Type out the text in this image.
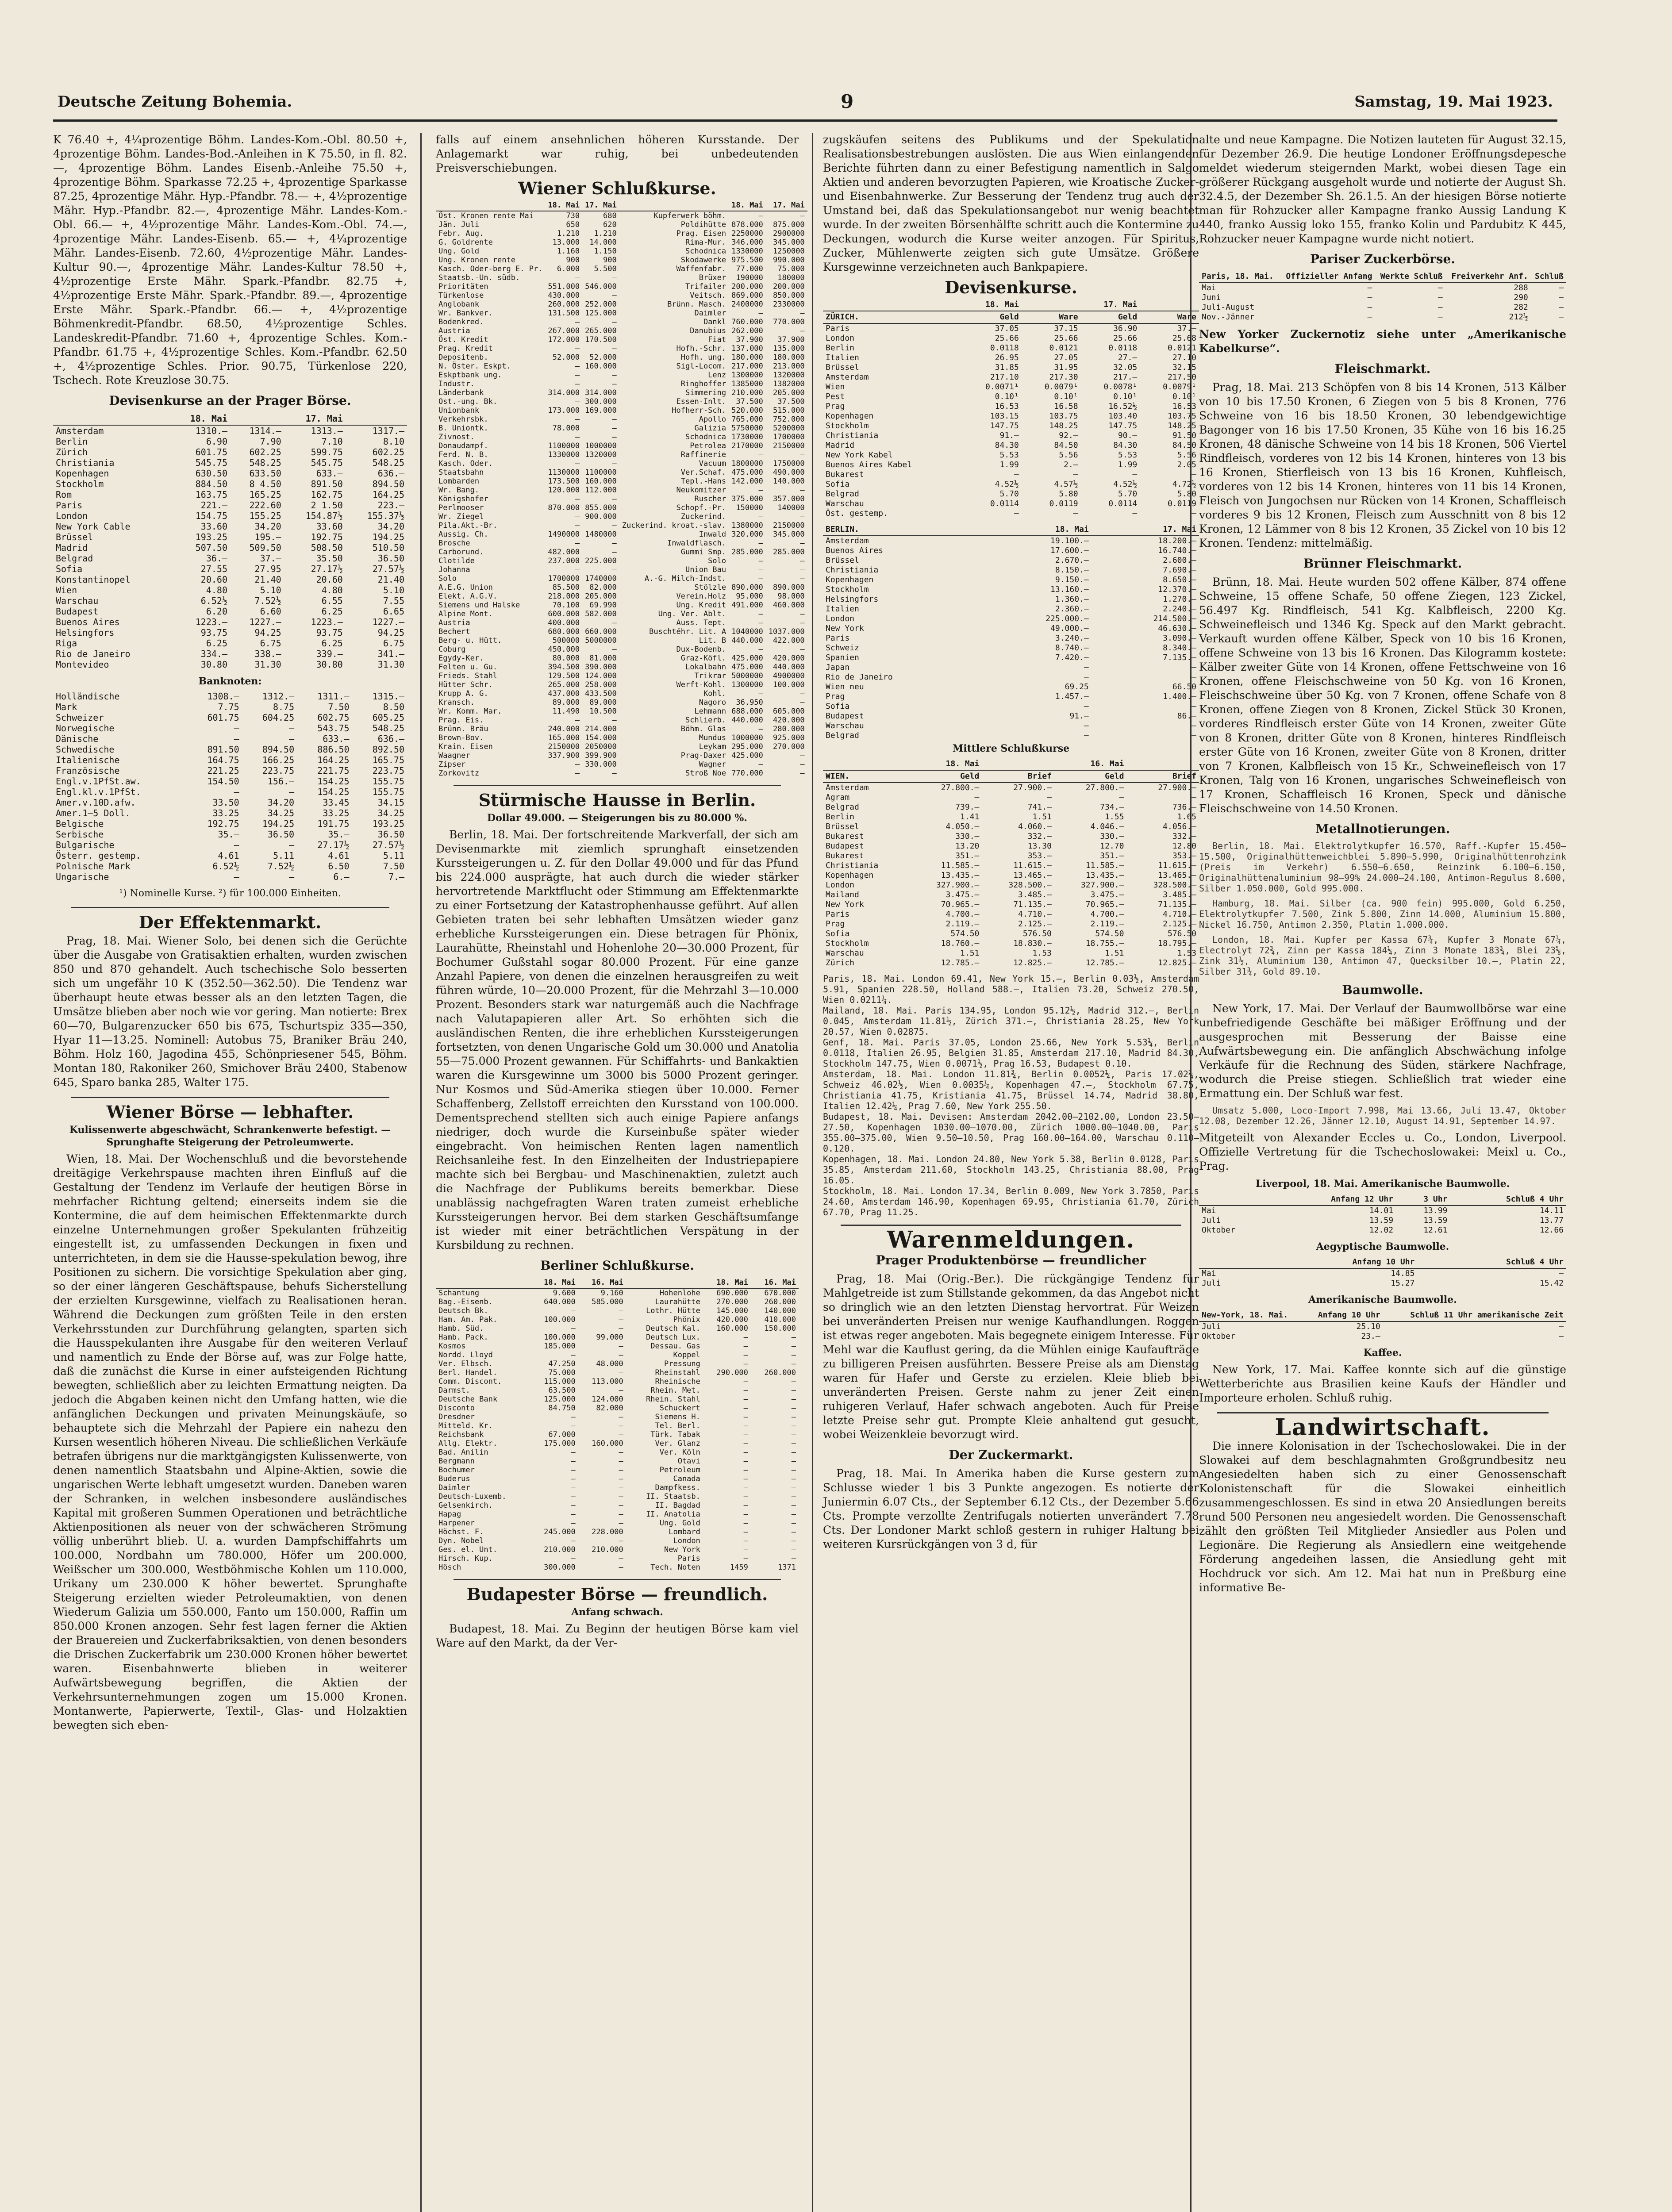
Deutsche Zeitung Bohemia.	9	Samstag, 19. Mai 1923.

K 76.40 +, 4¼prozentige Böhm. Landes-Kom.-Obl. 80.50 +, 4prozentige Böhm. Landes-Bod.-Anleihen in K 75.50, in fl. 82.—, 4prozentige Böhm. Landes Eisenb.-Anleihe 75.50 +, 4prozentige Böhm. Sparkasse 72.25 +, 4prozentige Sparkasse 87.25, 4prozentige Mähr. Hyp.-Pfandbr. 78.— +, 4½prozentige Mähr. Hyp.-Pfandbr. 82.—, 4prozentige Mähr. Landes-Kom.-Obl. 66.— +, 4½prozentige Mähr. Landes-Kom.-Obl. 74.—, 4prozentige Mähr. Landes-Eisenb. 65.— +, 4¼prozentige Mähr. Landes-Eisenb. 72.60, 4½prozentige Mähr. Landes-Kultur 90.—, 4prozentige Mähr. Landes-Kultur 78.50 +, 4½prozentige Erste Mähr. Spark.-Pfandbr. 82.75 +, 4½prozentige Erste Mähr. Spark.-Pfandbr. 89.—, 4prozentige Erste Mähr. Spark.-Pfandbr. 66.— +, 4½prozentige Böhmenkredit-Pfandbr. 68.50, 4½prozentige Schles. Landeskredit-Pfandbr. 71.60 +, 4prozentige Schles. Kom.-Pfandbr. 61.75 +, 4½prozentige Schles. Kom.-Pfandbr. 62.50 +, 4½prozentige Schles. Prior. 90.75, Türkenlose 220, Tschech. Rote Kreuzlose 30.75.

Devisenkurse an der Prager Börse.
	18. Mai		17. Mai	
Amsterdam	1310.—	1314.—	1313.—	1317.—
Berlin	6.90	7.90	7.10	8.10
Zürich	601.75	602.25	599.75	602.25
Christiania	545.75	548.25	545.75	548.25
Kopenhagen	630.50	633.50	633.—	636.—
Stockholm	884.50	8 4.50	891.50	894.50
Rom	163.75	165.25	162.75	164.25
Paris	221.—	222.60	2 1.50	223.—
London	154.75	155.25	154.87½	155.37½
New York Cable	33.60	34.20	33.60	34.20
Brüssel	193.25	195.—	192.75	194.25
Madrid	507.50	509.50	508.50	510.50
Belgrad	36.—	37.—	35.50	36.50
Sofia	27.55	27.95	27.17½	27.57½
Konstantinopel	20.60	21.40	20.60	21.40
Wien	4.80	5.10	4.80	5.10
Warschau	6.52½	7.52½	6.55	7.55
Budapest	6.20	6.60	6.25	6.65
Buenos Aires	1223.—	1227.—	1223.—	1227.—
Helsingfors	93.75	94.25	93.75	94.25
Riga	6.25	6.75	6.25	6.75
Rio de Janeiro	334.—	338.—	339.—	341.—
Montevideo	30.80	31.30	30.80	31.30
Banknoten:
Holländische	1308.—	1312.—	1311.—	1315.—
Mark	7.75	8.75	7.50	8.50
Schweizer	601.75	604.25	602.75	605.25
Norwegische	—	—	543.75	548.25
Dänische	—	—	633.—	636.—
Schwedische	891.50	894.50	886.50	892.50
Italienische	164.75	166.25	164.25	165.75
Französische	221.25	223.75	221.75	223.75
Engl.v.1PfSt.aw.	154.50	156.—	154.25	155.75
Engl.kl.v.1PfSt.	—	—	154.25	155.75
Amer.v.10D.afw.	33.50	34.20	33.45	34.15
Amer.1—5 Doll.	33.25	34.25	33.25	34.25
Belgische	192.75	194.25	191.75	193.25
Serbische	35.—	36.50	35.—	36.50
Bulgarische	—	—	27.17½	27.57½
Österr. gestemp.	4.61	5.11	4.61	5.11
Polnische Mark	6.52½	7.52½	6.50	7.50
Ungarische	—	—	6.—	7.—
¹) Nominelle Kurse. ²) für 100.000 Einheiten.
Der Effektenmarkt.

Prag, 18. Mai. Wiener Solo, bei denen sich die Gerüchte über die Ausgabe von Gratisaktien erhalten, wurden zwischen 850 und 870 gehandelt. Auch tschechische Solo besserten sich um ungefähr 10 K (352.50—362.50). Die Tendenz war überhaupt heute etwas besser als an den letzten Tagen, die Umsätze blieben aber noch wie vor gering. Man notierte: Brex 60—70, Bulgarenzucker 650 bis 675, Tschurtspiz 335—350, Hyar 11—13.25. Nominell: Autobus 75, Braniker Bräu 240, Böhm. Holz 160, Jagodina 455, Schönpriesener 545, Böhm. Montan 180, Rakoniker 260, Smichover Bräu 2400, Stabenow 645, Sparo banka 285, Walter 175.

Wiener Börse — lebhafter.
Kulissenwerte abgeschwächt, Schrankenwerte befestigt. — Sprunghafte Steigerung der Petroleumwerte.

Wien, 18. Mai. Der Wochenschluß und die bevorstehende dreitägige Verkehrspause machten ihren Einfluß auf die Gestaltung der Tendenz im Verlaufe der heutigen Börse in mehrfacher Richtung geltend; einerseits indem sie die Kontermine, die auf dem heimischen Effektenmarkte durch einzelne Unternehmungen großer Spekulanten frühzeitig eingestellt ist, zu umfassenden Deckungen in fixen und unterrichteten, in dem sie die Hausse-spekulation bewog, ihre Positionen zu sichern. Die vorsichtige Spekulation aber ging, so der einer längeren Geschäftspause, behufs Sicherstellung der erzielten Kursgewinne, vielfach zu Realisationen heran. Während die Deckungen zum größten Teile in den ersten Verkehrsstunden zur Durchführung gelangten, sparten sich die Hausspekulanten ihre Ausgabe für den weiteren Verlauf und namentlich zu Ende der Börse auf, was zur Folge hatte, daß die zunächst die Kurse in einer aufsteigenden Richtung bewegten, schließlich aber zu leichten Ermattung neigten. Da jedoch die Abgaben keinen nicht den Umfang hatten, wie die anfänglichen Deckungen und privaten Meinungskäufe, so behauptete sich die Mehrzahl der Papiere ein nahezu den Kursen wesentlich höheren Niveau. Die schließlichen Verkäufe betrafen übrigens nur die marktgängigsten Kulissenwerte, von denen namentlich Staatsbahn und Alpine-Aktien, sowie die ungarischen Werte lebhaft umgesetzt wurden. Daneben waren der Schranken, in welchen insbesondere ausländisches Kapital mit großeren Summen Operationen und beträchtliche Aktienpositionen als neuer von der schwächeren Strömung völlig unberührt blieb. U. a. wurden Dampfschiffahrts um 100.000, Nordbahn um 780.000, Höfer um 200.000, Weißscher um 300.000, Westböhmische Kohlen um 110.000, Urikany um 230.000 K höher bewertet. Sprunghafte Steigerung erzielten wieder Petroleumaktien, von denen Wiederum Galizia um 550.000, Fanto um 150.000, Raffin um 850.000 Kronen anzogen. Sehr fest lagen ferner die Aktien der Brauereien und Zuckerfabriksaktien, von denen besonders die Drischen Zuckerfabrik um 230.000 Kronen höher bewertet waren. Eisenbahnwerte blieben in weiterer Aufwärtsbewegung begriffen, die Aktien der Verkehrsunternehmungen zogen um 15.000 Kronen. Montanwerte, Papierwerte, Textil-, Glas- und Holzaktien bewegten sich eben-

falls auf einem ansehnlichen höheren Kursstande. Der Anlagemarkt war ruhig, bei unbedeutenden Preisverschiebungen.

Wiener Schlußkurse.
	18. Mai	17. Mai		18. Mai	17. Mai
Öst. Kronen rente Mai	730	680	Kupferwerk böhm.	—	—
Jän. Juli	650	620	Poldihütte	878.000	875.000
Febr. Aug.	1.210	1.210	Prag. Eisen	2250000	2900000
G. Goldrente	13.000	14.000	Rima-Mur.	346.000	345.000
Ung. Gold	1.160	1.150	Schodnica	1330000	1250000
Ung. Kronen rente	900	900	Skodawerke	975.500	990.000
Kasch. Oder-berg E. Pr.	6.000	5.500	Waffenfabr.	77.000	75.000
Staatsb.-Un. südb.	—	—	Brüxer	190000	180000
Prioritäten	551.000	546.000	Trifailer	200.000	200.000
Türkenlose	430.000	—	Veitsch.	869.000	850.000
Anglobank	260.000	252.000	Brünn. Masch.	2400000	2330000
Wr. Bankver.	131.500	125.000	Daimler	—	—
Bodenkred.	—	—	Dankl	760.000	770.000
Austria	267.000	265.000	Danubius	262.000	—
Öst. Kredit	172.000	170.500	Fiat	37.900	37.900
Prag. Kredit	—	—	Hofh.-Schr.	137.000	135.000
Depositenb.	52.000	52.000	Hofh. ung.	180.000	180.000
N. Öster. Eskpt.	—	160.000	Sigl-Locom.	217.000	213.000
Eskptbank ung.	—	—	Lenz	1300000	1320000
Industr.	—	—	Ringhoffer	1385000	1382000
Länderbank	314.000	314.000	Simmering	210.000	205.000
Ost.-ung. Bk.	—	300.000	Essen-Inlt.	37.500	37.500
Unionbank	173.000	169.000	Hofherr-Sch.	520.000	515.000
Verkehrsbk.	—	—	Apollo	765.000	752.000
B. Uniontk.	78.000	—	Galizia	5750000	5200000
Zivnost.	—	—	Schodnica	1730000	1700000
Donaudampf.	1100000	1000000	Petrolea	2170000	2150000
Ferd. N. B.	1330000	1320000	Raffinerie	—	—
Kasch. Oder.	—	—	Vacuum	1800000	1750000
Staatsbahn	1130000	1100000	Ver.Schaf.	475.000	490.000
Lombarden	173.500	160.000	Tepl.-Hans	142.000	140.000
Wr. Bang.	120.000	112.000	Neukomitzer	—	—
Königshofer	—	—	Ruscher	375.000	357.000
Perlmooser	870.000	855.000	Schopf.-Pr.	150000	140000
Wr. Ziegel	—	900.000	Zuckerind.	—	—
Pila.Akt.-Br.	—	—	Zuckerind. kroat.-slav.	1380000	2150000
Aussig. Ch.	1490000	1480000	Inwald	320.000	345.000
Brosche	—	—	Inwaldflasch.	—	—
Carborund.	482.000	—	Gummi Smp.	285.000	285.000
Clotilde	237.000	225.000	Solo	—	—
Johanna	—	—	Union Bau	—	—
Solo	1700000	1740000	A.-G. Milch-Indst.	—	—
A.E.G. Union	85.500	82.000	Stölzle	890.000	890.000
Elekt. A.G.V.	218.000	205.000	Verein.Holz	95.000	98.000
Siemens und Halske	70.100	69.990	Ung. Kredit	491.000	460.000
Alpine Mont.	600.000	582.000	Ung. Ver. Ablt.	—	—
Austria	400.000	—	Auss. Tept.	—	—
Bechert	680.000	660.000	Buschtěhr. Lit. A	1040000	1037.000
Berg- u. Hütt.	500000	5000000	Lit. B	440.000	422.000
Coburg	450.000	—	Dux-Bodenb.	—	—
Egydy-Ker.	80.000	81.000	Graz-Köfl.	425.000	420.000
Felten u. Gu.	394.500	390.000	Lokalbahn	475.000	440.000
Frieds. Stahl	129.500	124.000	Trikrar	5000000	4900000
Hütter Schr.	265.000	258.000	Werft-Kohl.	1300000	100.000
Krupp A. G.	437.000	433.500	Kohl.	—	—
Kransch.	89.000	89.000	Nagoro	36.950	—
Wr. Komm. Mar.	11.490	10.500	Lehmann	688.000	605.000
Prag. Eis.	—	—	Schlierb.	440.000	420.000
Brünn. Bräu	240.000	214.000	Böhm. Glas	—	280.000
Brown-Bov.	165.000	154.000	Mundus	1000000	925.000
Krain. Eisen	2150000	2050000	Leykam	295.000	270.000
Waagner	337.900	399.900	Prag-Daxer	425.000	—
Zipser	—	330.000	Wagner	—	—
Zorkovitz	—	—	Stroß Noe	770.000	—
Stürmische Hausse in Berlin.
Dollar 49.000. — Steigerungen bis zu 80.000 %.

Berlin, 18. Mai. Der fortschreitende Markverfall, der sich am Devisenmarkte mit ziemlich sprunghaft einsetzenden Kurssteigerungen u. Z. für den Dollar 49.000 und für das Pfund bis 224.000 ausprägte, hat auch durch die wieder stärker hervortretende Marktflucht oder Stimmung am Effektenmarkte zu einer Fortsetzung der Katastrophenhausse geführt. Auf allen Gebieten traten bei sehr lebhaften Umsätzen wieder ganz erhebliche Kurssteigerungen ein. Diese betragen für Phönix, Laurahütte, Rheinstahl und Hohenlohe 20—30.000 Prozent, für Bochumer Gußstahl sogar 80.000 Prozent. Für eine ganze Anzahl Papiere, von denen die einzelnen herausgreifen zu weit führen würde, 10—20.000 Prozent, für die Mehrzahl 3—10.000 Prozent. Besonders stark war naturgemäß auch die Nachfrage nach Valutapapieren aller Art. So erhöhten sich die ausländischen Renten, die ihre erheblichen Kurssteigerungen fortsetzten, von denen Ungarische Gold um 30.000 und Anatolia 55—75.000 Prozent gewannen. Für Schiffahrts- und Bankaktien waren die Kursgewinne um 3000 bis 5000 Prozent geringer. Nur Kosmos und Süd-Amerika stiegen über 10.000. Ferner Schaffenberg, Zellstoff erreichten den Kursstand von 100.000. Dementsprechend stellten sich auch einige Papiere anfangs niedriger, doch wurde die Kurseinbuße später wieder eingebracht. Von heimischen Renten lagen namentlich Reichsanleihe fest. In den Einzelheiten der Industriepapiere machte sich bei Bergbau- und Maschinenaktien, zuletzt auch die Nachfrage der Publikums bereits bemerkbar. Diese unablässig nachgefragten Waren traten zumeist erhebliche Kurssteigerungen hervor. Bei dem starken Geschäftsumfange ist wieder mit einer beträchtlichen Verspätung in der Kursbildung zu rechnen.

Berliner Schlußkurse.
	18. Mai	16. Mai		18. Mai	16. Mai
Schantung	9.600	9.160	Hohenlohe	690.000	670.000
Bag.-Eisenb.	640.000	585.000	Laurahütte	270.000	260.000
Deutsch Bk.	—	—	Lothr. Hütte	145.000	140.000
Ham. Am. Pak.	100.000	—	Phönix	420.000	410.000
Hamb. Süd.	—	—	Deutsch Kal.	160.000	150.000
Hamb. Pack.	100.000	99.000	Deutsch Lux.	—	—
Kosmos	185.000	—	Dessau. Gas	—	—
Nordd. Lloyd	—	—	Koppel	—	—
Ver. Elbsch.	47.250	48.000	Pressung	—	—
Berl. Handel.	75.000	—	Rheinstahl	290.000	260.000
Comm. Discont.	115.000	113.000	Rheinische	—	—
Darmst.	63.500	—	Rhein. Met.	—	—
Deutsche Bank	125.000	124.000	Rhein. Stahl	—	—
Disconto	84.750	82.000	Schuckert	—	—
Dresdner	—	—	Siemens H.	—	—
Mitteld. Kr.	—	—	Tel. Berl.	—	—
Reichsbank	67.000	—	Türk. Tabak	—	—
Allg. Elektr.	175.000	160.000	Ver. Glanz	—	—
Bad. Anilin	—	—	Ver. Köln	—	—
Bergmann	—	—	Otavi	—	—
Bochumer	—	—	Petroleum	—	—
Buderus	—	—	Canada	—	—
Daimler	—	—	Dampfkess.	—	—
Deutsch-Luxemb.	—	—	II. Staatsb.	—	—
Gelsenkirch.	—	—	II. Bagdad	—	—
Hapag	—	—	II. Anatolia	—	—
Harpener	—	—	Ung. Gold	—	—
Höchst. F.	245.000	228.000	Lombard	—	—
Dyn. Nobel	—	—	London	—	—
Ges. el. Unt.	210.000	210.000	New York	—	—
Hirsch. Kup.	—	—	Paris	—	—
Hösch	300.000	—	Tech. Noten	1459	1371
Budapester Börse — freundlich.
Anfang schwach.

Budapest, 18. Mai. Zu Beginn der heutigen Börse kam viel Ware auf den Markt, da der Ver-

zugskäufen seitens des Publikums und der Spekulation Realisationsbestrebungen auslösten. Die aus Wien einlangenden Berichte führten dann zu einer Befestigung namentlich in Salgo Aktien und anderen bevorzugten Papieren, wie Kroatische Zucker- und Eisenbahnwerke. Zur Besserung der Tendenz trug auch der Umstand bei, daß das Spekulationsangebot nur wenig beachtet wurde. In der zweiten Börsenhälfte schritt auch die Kontermine zu Deckungen, wodurch die Kurse weiter anzogen. Für Spiritus, Zucker, Mühlenwerte zeigten sich gute Umsätze. Größere Kursgewinne verzeichneten auch Bankpapiere.

Devisenkurse.
	18. Mai		17. Mai	
ZÜRICH.	Geld	Ware	Geld	Ware
Paris	37.05	37.15	36.90	37.—
London	25.66	25.66	25.66	25.68
Berlin	0.0118	0.0121	0.0118	0.0121
Italien	26.95	27.05	27.—	27.10
Brüssel	31.85	31.95	32.05	32.15
Amsterdam	217.10	217.30	217.—	217.50
Wien	0.0071¹	0.0079¹	0.0078¹	0.0079¹
Pest	0.10¹	0.10¹	0.10¹	0.10¹
Prag	16.53	16.58	16.52½	16.53
Kopenhagen	103.15	103.75	103.40	103.75
Stockholm	147.75	148.25	147.75	148.25
Christiania	91.—	92.—	90.—	91.50
Madrid	84.30	84.50	84.30	84.50
New York Kabel	5.53	5.56	5.53	5.56
Buenos Aires Kabel	1.99	2.—	1.99	2.05
Bukarest	—	—	—	—
Sofia	4.52½	4.57½	4.52½	4.72½
Belgrad	5.70	5.80	5.70	5.80
Warschau	0.0114	0.0119	0.0114	0.0119
Öst. gestemp.	—	—	—	—
BERLIN.	18. Mai	17. Mai
Amsterdam	19.100.—	18.200.—
Buenos Aires	17.600.—	16.740.—
Brüssel	2.670.—	2.600.—
Christiania	8.150.—	7.690.—
Kopenhagen	9.150.—	8.650.—
Stockholm	13.160.—	12.370.—
Helsingfors	1.360.—	1.270.—
Italien	2.360.—	2.240.—
London	225.000.—	214.500.—
New York	49.000.—	46.630.—
Paris	3.240.—	3.090.—
Schweiz	8.740.—	8.340.—
Spanien	7.420.—	7.135.—
Japan	—	—
Rio de Janeiro	—	—
Wien neu	69.25	66.50
Prag	1.457.—	1.400.—
Sofia	—	—
Budapest	91.—	86.—
Warschau	—	—
Belgrad	—	—
Mittlere Schlußkurse
	18. Mai		16. Mai	
WIEN.	Geld	Brief	Geld	Brief
Amsterdam	27.800.—	27.900.—	27.800.—	27.900.—
Agram	—	—	—	—
Belgrad	739.—	741.—	734.—	736.—
Berlin	1.41	1.51	1.55	1.65
Brüssel	4.050.—	4.060.—	4.046.—	4.056.—
Bukarest	330.—	332.—	330.—	332.—
Budapest	13.20	13.30	12.70	12.80
Bukarest	351.—	353.—	351.—	353.—
Christiania	11.585.—	11.615.—	11.585.—	11.615.—
Kopenhagen	13.435.—	13.465.—	13.435.—	13.465.—
London	327.900.—	328.500.—	327.900.—	328.500.—
Mailand	3.475.—	3.485.—	3.475.—	3.485.—
New York	70.965.—	71.135.—	70.965.—	71.135.—
Paris	4.700.—	4.710.—	4.700.—	4.710.—
Prag	2.119.—	2.125.—	2.119.—	2.125.—
Sofia	574.50	576.50	574.50	576.50
Stockholm	18.760.—	18.830.—	18.755.—	18.795.—
Warschau	1.51	1.53	1.51	1.53
Zürich	12.785.—	12.825.—	12.785.—	12.825.—
Paris, 18. Mai. London 69.41, New York 15.—, Berlin 0.03½, Amsterdam 5.91, Spanien 228.50, Holland 588.—, Italien 73.20, Schweiz 270.50, Wien 0.0211¼.
Mailand, 18. Mai. Paris 134.95, London 95.12½, Madrid 312.—, Berlin 0.045, Amsterdam 11.81½, Zürich 371.—, Christiania 28.25, New York 20.57, Wien 0.02875.
Genf, 18. Mai. Paris 37.05, London 25.66, New York 5.53¼, Berlin 0.0118, Italien 26.95, Belgien 31.85, Amsterdam 217.10, Madrid 84.30, Stockholm 147.75, Wien 0.0071½, Prag 16.53, Budapest 0.10.
Amsterdam, 18. Mai. London 11.81¾, Berlin 0.0052¼, Paris 17.02¼, Schweiz 46.02½, Wien 0.0035¼, Kopenhagen 47.—, Stockholm 67.75, Christiania 41.75, Kristiania 41.75, Brüssel 14.74, Madrid 38.80, Italien 12.42¼, Prag 7.60, New York 255.50.
Budapest, 18. Mai. Devisen: Amsterdam 2042.00—2102.00, London 23.50—27.50, Kopenhagen 1030.00—1070.00, Zürich 1000.00—1040.00, Paris 355.00—375.00, Wien 9.50—10.50, Prag 160.00—164.00, Warschau 0.110—0.120.
Kopenhagen, 18. Mai. London 24.80, New York 5.38, Berlin 0.0128, Paris 35.85, Amsterdam 211.60, Stockholm 143.25, Christiania 88.00, Prag 16.05.
Stockholm, 18. Mai. London 17.34, Berlin 0.009, New York 3.7850, Paris 24.60, Amsterdam 146.90, Kopenhagen 69.95, Christiania 61.70, Zürich 67.70, Prag 11.25.
Warenmeldungen.
Prager Produktenbörse — freundlicher

Prag, 18. Mai (Orig.-Ber.). Die rückgängige Tendenz für Mahlgetreide ist zum Stillstande gekommen, da das Angebot nicht so dringlich wie an den letzten Dienstag hervortrat. Für Weizen bei unveränderten Preisen nur wenige Kaufhandlungen. Roggen ist etwas reger angeboten. Mais begegnete einigem Interesse. Für Mehl war die Kauflust gering, da die Mühlen einige Kaufaufträge zu billigeren Preisen ausführten. Bessere Preise als am Dienstag waren für Hafer und Gerste zu erzielen. Kleie blieb bei unveränderten Preisen. Gerste nahm zu jener Zeit einen ruhigeren Verlauf, Hafer schwach angeboten. Auch für Preise letzte Preise sehr gut. Prompte Kleie anhaltend gut gesucht, wobei Weizenkleie bevorzugt wird.

Der Zuckermarkt.

Prag, 18. Mai. In Amerika haben die Kurse gestern zum Schlusse wieder 1 bis 3 Punkte angezogen. Es notierte der Juniermin 6.07 Cts., der September 6.12 Cts., der Dezember 5.66 Cts. Prompte verzollte Zentrifugals notierten unverändert 7.78 Cts. Der Londoner Markt schloß gestern in ruhiger Haltung bei weiteren Kursrückgängen von 3 d, für

alte und neue Kampagne. Die Notizen lauteten für August 32.15, für Dezember 26.9. Die heutige Londoner Eröffnungsdepesche meldet wiederum steigernden Markt, wobei diesen Tage ein größerer Rückgang ausgeholt wurde und notierte der August Sh. 32.4.5, der Dezember Sh. 26.1.5. An der hiesigen Börse notierte man für Rohzucker aller Kampagne franko Aussig Landung K 440, franko Aussig loko 155, franko Kolin und Pardubitz K 445, Rohzucker neuer Kampagne wurde nicht notiert.

Pariser Zuckerbörse.
Paris, 18. Mai.	Offizieller Anfang	Werkte Schluß	Freiverkehr Anf.	Schluß
Mai	—	—	288	—
Juni	—	—	290	—
Juli-August	—	—	282	—
Nov.-Jänner	—	—	212½	—

New Yorker Zuckernotiz siehe unter „Amerikanische Kabelkurse“.

Fleischmarkt.

Prag, 18. Mai. 213 Schöpfen von 8 bis 14 Kronen, 513 Kälber von 10 bis 17.50 Kronen, 6 Ziegen von 5 bis 8 Kronen, 776 Schweine von 16 bis 18.50 Kronen, 30 lebendgewichtige Bagonger von 16 bis 17.50 Kronen, 35 Kühe von 16 bis 16.25 Kronen, 48 dänische Schweine von 14 bis 18 Kronen, 506 Viertel Rindfleisch, vorderes von 12 bis 14 Kronen, hinteres von 13 bis 16 Kronen, Stierfleisch von 13 bis 16 Kronen, Kuhfleisch, vorderes von 12 bis 14 Kronen, hinteres von 11 bis 14 Kronen, Fleisch von Jungochsen nur Rücken von 14 Kronen, Schaffleisch vorderes 9 bis 12 Kronen, Fleisch zum Ausschnitt von 8 bis 12 Kronen, 12 Lämmer von 8 bis 12 Kronen, 35 Zickel von 10 bis 12 Kronen. Tendenz: mittelmäßig.

Brünner Fleischmarkt.

Brünn, 18. Mai. Heute wurden 502 offene Kälber, 874 offene Schweine, 15 offene Schafe, 50 offene Ziegen, 123 Zickel, 56.497 Kg. Rindfleisch, 541 Kg. Kalbfleisch, 2200 Kg. Schweinefleisch und 1346 Kg. Speck auf den Markt gebracht. Verkauft wurden offene Kälber, Speck von 10 bis 16 Kronen, offene Schweine von 13 bis 16 Kronen. Das Kilogramm kostete: Kälber zweiter Güte von 14 Kronen, offene Fettschweine von 16 Kronen, offene Fleischschweine von 50 Kg. von 16 Kronen, Fleischschweine über 50 Kg. von 7 Kronen, offene Schafe von 8 Kronen, offene Ziegen von 8 Kronen, Zickel Stück 30 Kronen, vorderes Rindfleisch erster Güte von 14 Kronen, zweiter Güte von 8 Kronen, dritter Güte von 8 Kronen, hinteres Rindfleisch erster Güte von 16 Kronen, zweiter Güte von 8 Kronen, dritter von 7 Kronen, Kalbfleisch von 15 Kr., Schweinefleisch von 17 Kronen, Talg von 16 Kronen, ungarisches Schweinefleisch von 17 Kronen, Schaffleisch 16 Kronen, Speck und dänische Fleischschweine von 14.50 Kronen.

Metallnotierungen.

Berlin, 18. Mai. Elektrolytkupfer 16.570, Raff.-Kupfer 15.450—15.500, Originalhüttenweichblei 5.890—5.990, Originalhüttenrohzink (Preis im Verkehr) 6.550—6.650, Reinzink 6.100—6.150, Originalhüttenaluminium 98—99% 24.000—24.100, Antimon-Regulus 8.600, Silber 1.050.000, Gold 995.000.

Hamburg, 18. Mai. Silber (ca. 900 fein) 995.000, Gold 6.250, Elektrolytkupfer 7.500, Zink 5.800, Zinn 14.000, Aluminium 15.800, Nickel 16.750, Antimon 2.350, Platin 1.000.000.

London, 18. Mai. Kupfer per Kassa 67¾, Kupfer 3 Monate 67¼, Electrolyt 72¾, Zinn per Kassa 184¼, Zinn 3 Monate 183¾, Blei 23⅝, Zink 31½, Aluminium 130, Antimon 47, Quecksilber 10.—, Platin 22, Silber 31¾, Gold 89.10.

Baumwolle.

New York, 17. Mai. Der Verlauf der Baumwollbörse war eine unbefriedigende Geschäfte bei mäßiger Eröffnung und der ausgesprochen mit Besserung der Baisse eine Aufwärtsbewegung ein. Die anfänglich Abschwächung infolge Verkäufe für die Rechnung des Süden, stärkere Nachfrage, wodurch die Preise stiegen. Schließlich trat wieder eine Ermattung ein. Der Schluß war fest.

Umsatz 5.000, Loco-Import 7.998, Mai 13.66, Juli 13.47, Oktober 12.08, Dezember 12.26, Jänner 12.10, August 14.91, September 14.97.

Mitgeteilt von Alexander Eccles u. Co., London, Liverpool. Offizielle Vertretung für die Tschechoslowakei: Meixl u. Co., Prag.

Liverpool, 18. Mai. Amerikanische Baumwolle.
	Anfang 12 Uhr	3 Uhr	Schluß 4 Uhr
Mai	14.01	13.99	14.11
Juli	13.59	13.59	13.77
Oktober	12.02	12.61	12.66
Aegyptische Baumwolle.
	Anfang 10 Uhr	Schluß 4 Uhr
Mai	14.85	—
Juli	15.27	15.42
Amerikanische Baumwolle.
New-York, 18. Mai.	Anfang 10 Uhr	Schluß 11 Uhr amerikanische Zeit
Juli	25.10	—
Oktober	23.—	—
Kaffee.

New York, 17. Mai. Kaffee konnte sich auf die günstige Wetterberichte aus Brasilien keine Kaufs der Händler und Importeure erholen. Schluß ruhig.

Landwirtschaft.

Die innere Kolonisation in der Tschechoslowakei. Die in der Slowakei auf dem beschlagnahmten Großgrundbesitz neu Angesiedelten haben sich zu einer Genossenschaft Kolonistenschaft für die Slowakei einheitlich zusammengeschlossen. Es sind in etwa 20 Ansiedlungen bereits rund 500 Personen neu angesiedelt worden. Die Genossenschaft zählt den größten Teil Mitglieder Ansiedler aus Polen und Legionäre. Die Regierung als Ansiedlern eine weitgehende Förderung angedeihen lassen, die Ansiedlung geht mit Hochdruck vor sich. Am 12. Mai hat nun in Preßburg eine informative Be-
